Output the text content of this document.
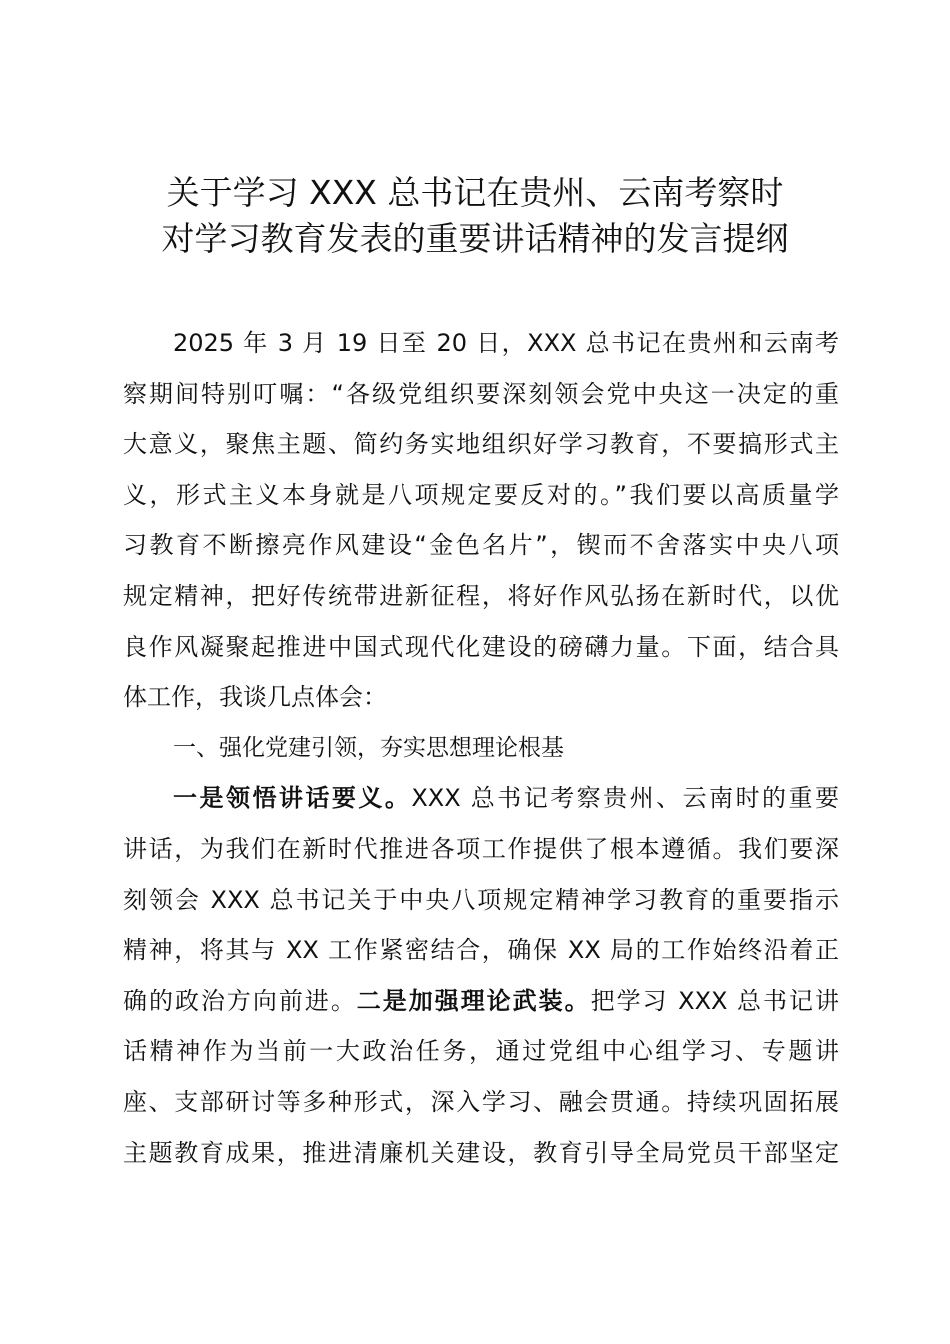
关于学习 XXX 总书记在贵州、云南考察时
对学习教育发表的重要讲话精神的发言提纲
2025 年 3 月 19 日至 20 日，XXX 总书记在贵州和云南考
察期间特别叮嘱：“各级党组织要深刻领会党中央这一决定的重
大意义，聚焦主题、简约务实地组织好学习教育，不要搞形式主
义，形式主义本身就是八项规定要反对的。”我们要以高质量学
习教育不断擦亮作风建设“金色名片”，锲而不舍落实中央八项
规定精神，把好传统带进新征程，将好作风弘扬在新时代，以优
良作风凝聚起推进中国式现代化建设的磅礴力量。下面，结合具
体工作，我谈几点体会：
一、强化党建引领，夯实思想理论根基
一是领悟讲话要义。XXX 总书记考察贵州、云南时的重要
讲话，为我们在新时代推进各项工作提供了根本遵循。我们要深
刻领会 XXX 总书记关于中央八项规定精神学习教育的重要指示
精神，将其与 XX 工作紧密结合，确保 XX 局的工作始终沿着正
确的政治方向前进。二是加强理论武装。把学习 XXX 总书记讲
话精神作为当前一大政治任务，通过党组中心组学习、专题讲
座、支部研讨等多种形式，深入学习、融会贯通。持续巩固拓展
主题教育成果，推进清廉机关建设，教育引导全局党员干部坚定
